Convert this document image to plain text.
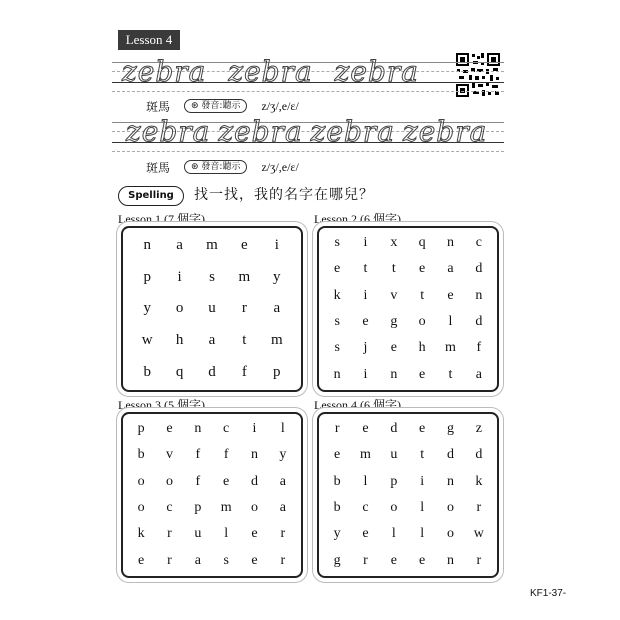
Lesson 4
zebra zebra zebra
斑馬	⊛ 發音:聽示	z/ʒ/,e/ɛ/
zebra zebra zebra zebra
斑馬	⊛ 發音:聽示	z/ʒ/,e/ɛ/
Spelling	找一找，我的名字在哪兒？
Lesson 1 (7 個字)
n a m e i
p i s m y
y o u r a
w h a t m
b q d f p
Lesson 2 (6 個字)
s i x q n c
e t t e a d
k i v t e n
s e g o l d
s j e h m f
n i n e t a
Lesson 3 (5 個字)
p e n c i l
b v f f n y
o o f e d a
o c p m o a
k r u l e r
e r a s e r
Lesson 4 (6 個字)
r e d e g z
e m u t d d
b l p i n k
b c o l o r
y e l l o w
g r e e n r
KF1-37-
